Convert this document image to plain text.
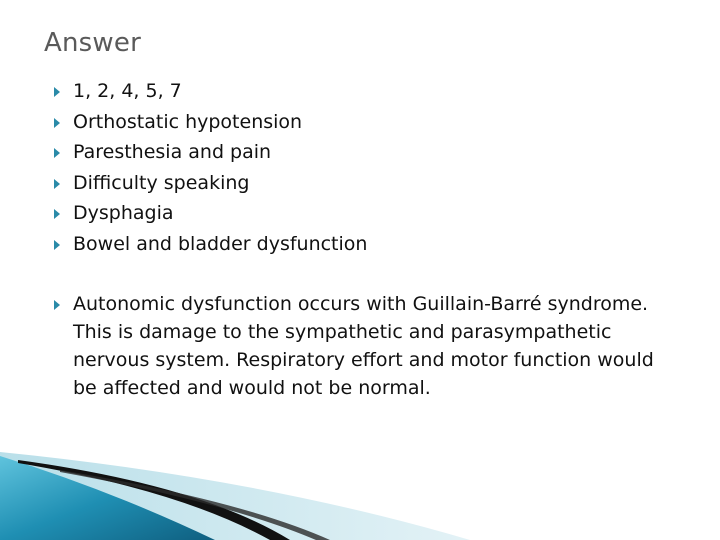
Answer
1, 2, 4, 5, 7
Orthostatic hypotension
Paresthesia and pain
Difficulty speaking
Dysphagia
Bowel and bladder dysfunction
Autonomic dysfunction occurs with Guillain-Barré syndrome. This is damage to the sympathetic and parasympathetic nervous system. Respiratory effort and motor function would be affected and would not be normal.
